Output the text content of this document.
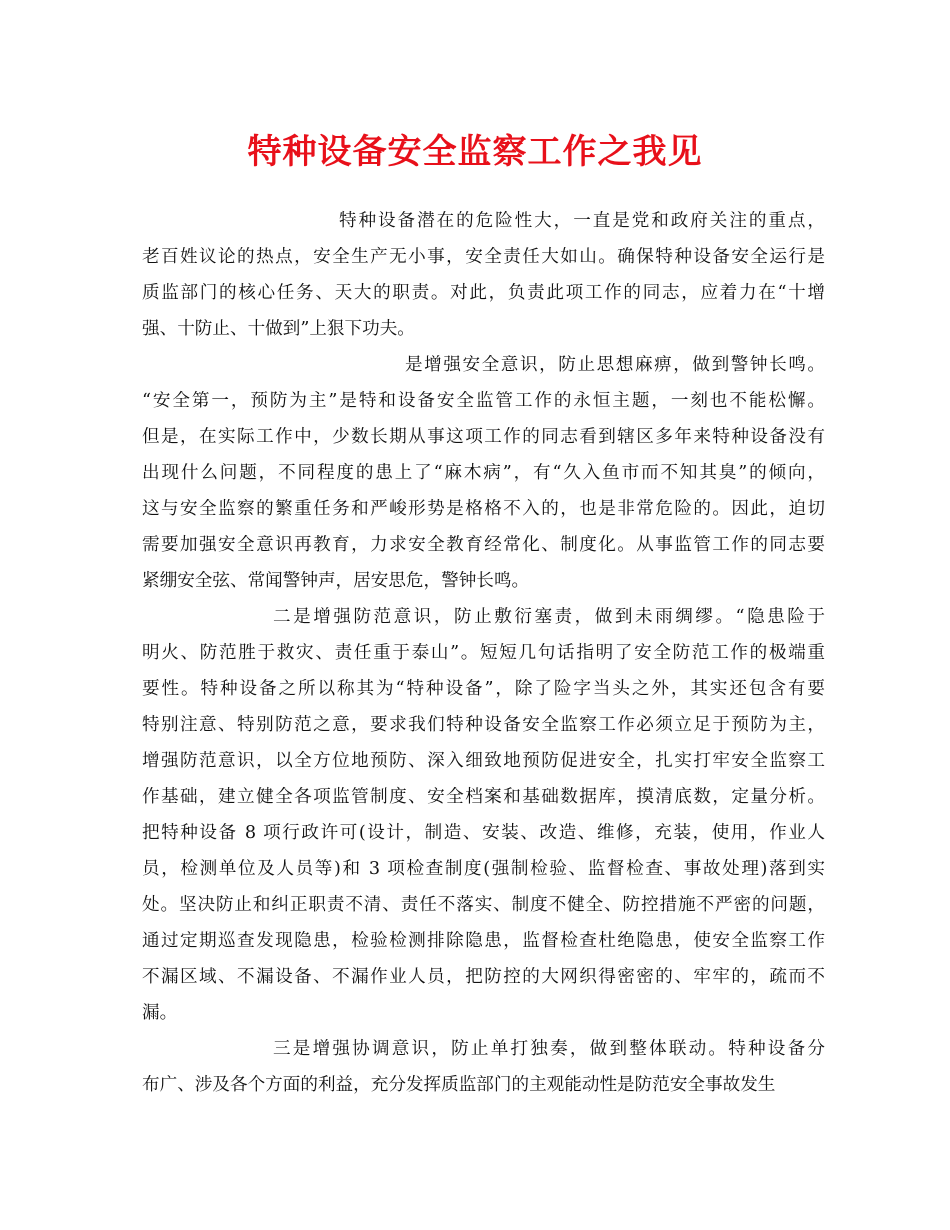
特种设备安全监察工作之我见
特种设备潜在的危险性大，一直是党和政府关注的重点，
老百姓议论的热点，安全生产无小事，安全责任大如山。确保特种设备安全运行是
质监部门的核心任务、天大的职责。对此，负责此项工作的同志，应着力在“十增
强、十防止、十做到”上狠下功夫。
是增强安全意识，防止思想麻痹，做到警钟长鸣。
“安全第一，预防为主”是特和设备安全监管工作的永恒主题，一刻也不能松懈。
但是，在实际工作中，少数长期从事这项工作的同志看到辖区多年来特种设备没有
出现什么问题，不同程度的患上了“麻木病”，有“久入鱼市而不知其臭”的倾向，
这与安全监察的繁重任务和严峻形势是格格不入的，也是非常危险的。因此，迫切
需要加强安全意识再教育，力求安全教育经常化、制度化。从事监管工作的同志要
紧绷安全弦、常闻警钟声，居安思危，警钟长鸣。
二是增强防范意识，防止敷衍塞责，做到未雨绸缪。“隐患险于
明火、防范胜于救灾、责任重于泰山”。短短几句话指明了安全防范工作的极端重
要性。特种设备之所以称其为“特种设备”，除了险字当头之外，其实还包含有要
特别注意、特别防范之意，要求我们特种设备安全监察工作必须立足于预防为主，
增强防范意识，以全方位地预防、深入细致地预防促进安全，扎实打牢安全监察工
作基础，建立健全各项监管制度、安全档案和基础数据库，摸清底数，定量分析。
把特种设备 8 项行政许可(设计，制造、安装、改造、维修，充装，使用，作业人
员，检测单位及人员等)和 3 项检查制度(强制检验、监督检查、事故处理)落到实
处。坚决防止和纠正职责不清、责任不落实、制度不健全、防控措施不严密的问题，
通过定期巡查发现隐患，检验检测排除隐患，监督检查杜绝隐患，使安全监察工作
不漏区域、不漏设备、不漏作业人员，把防控的大网织得密密的、牢牢的，疏而不
漏。
三是增强协调意识，防止单打独奏，做到整体联动。特种设备分
布广、涉及各个方面的利益，充分发挥质监部门的主观能动性是防范安全事故发生
